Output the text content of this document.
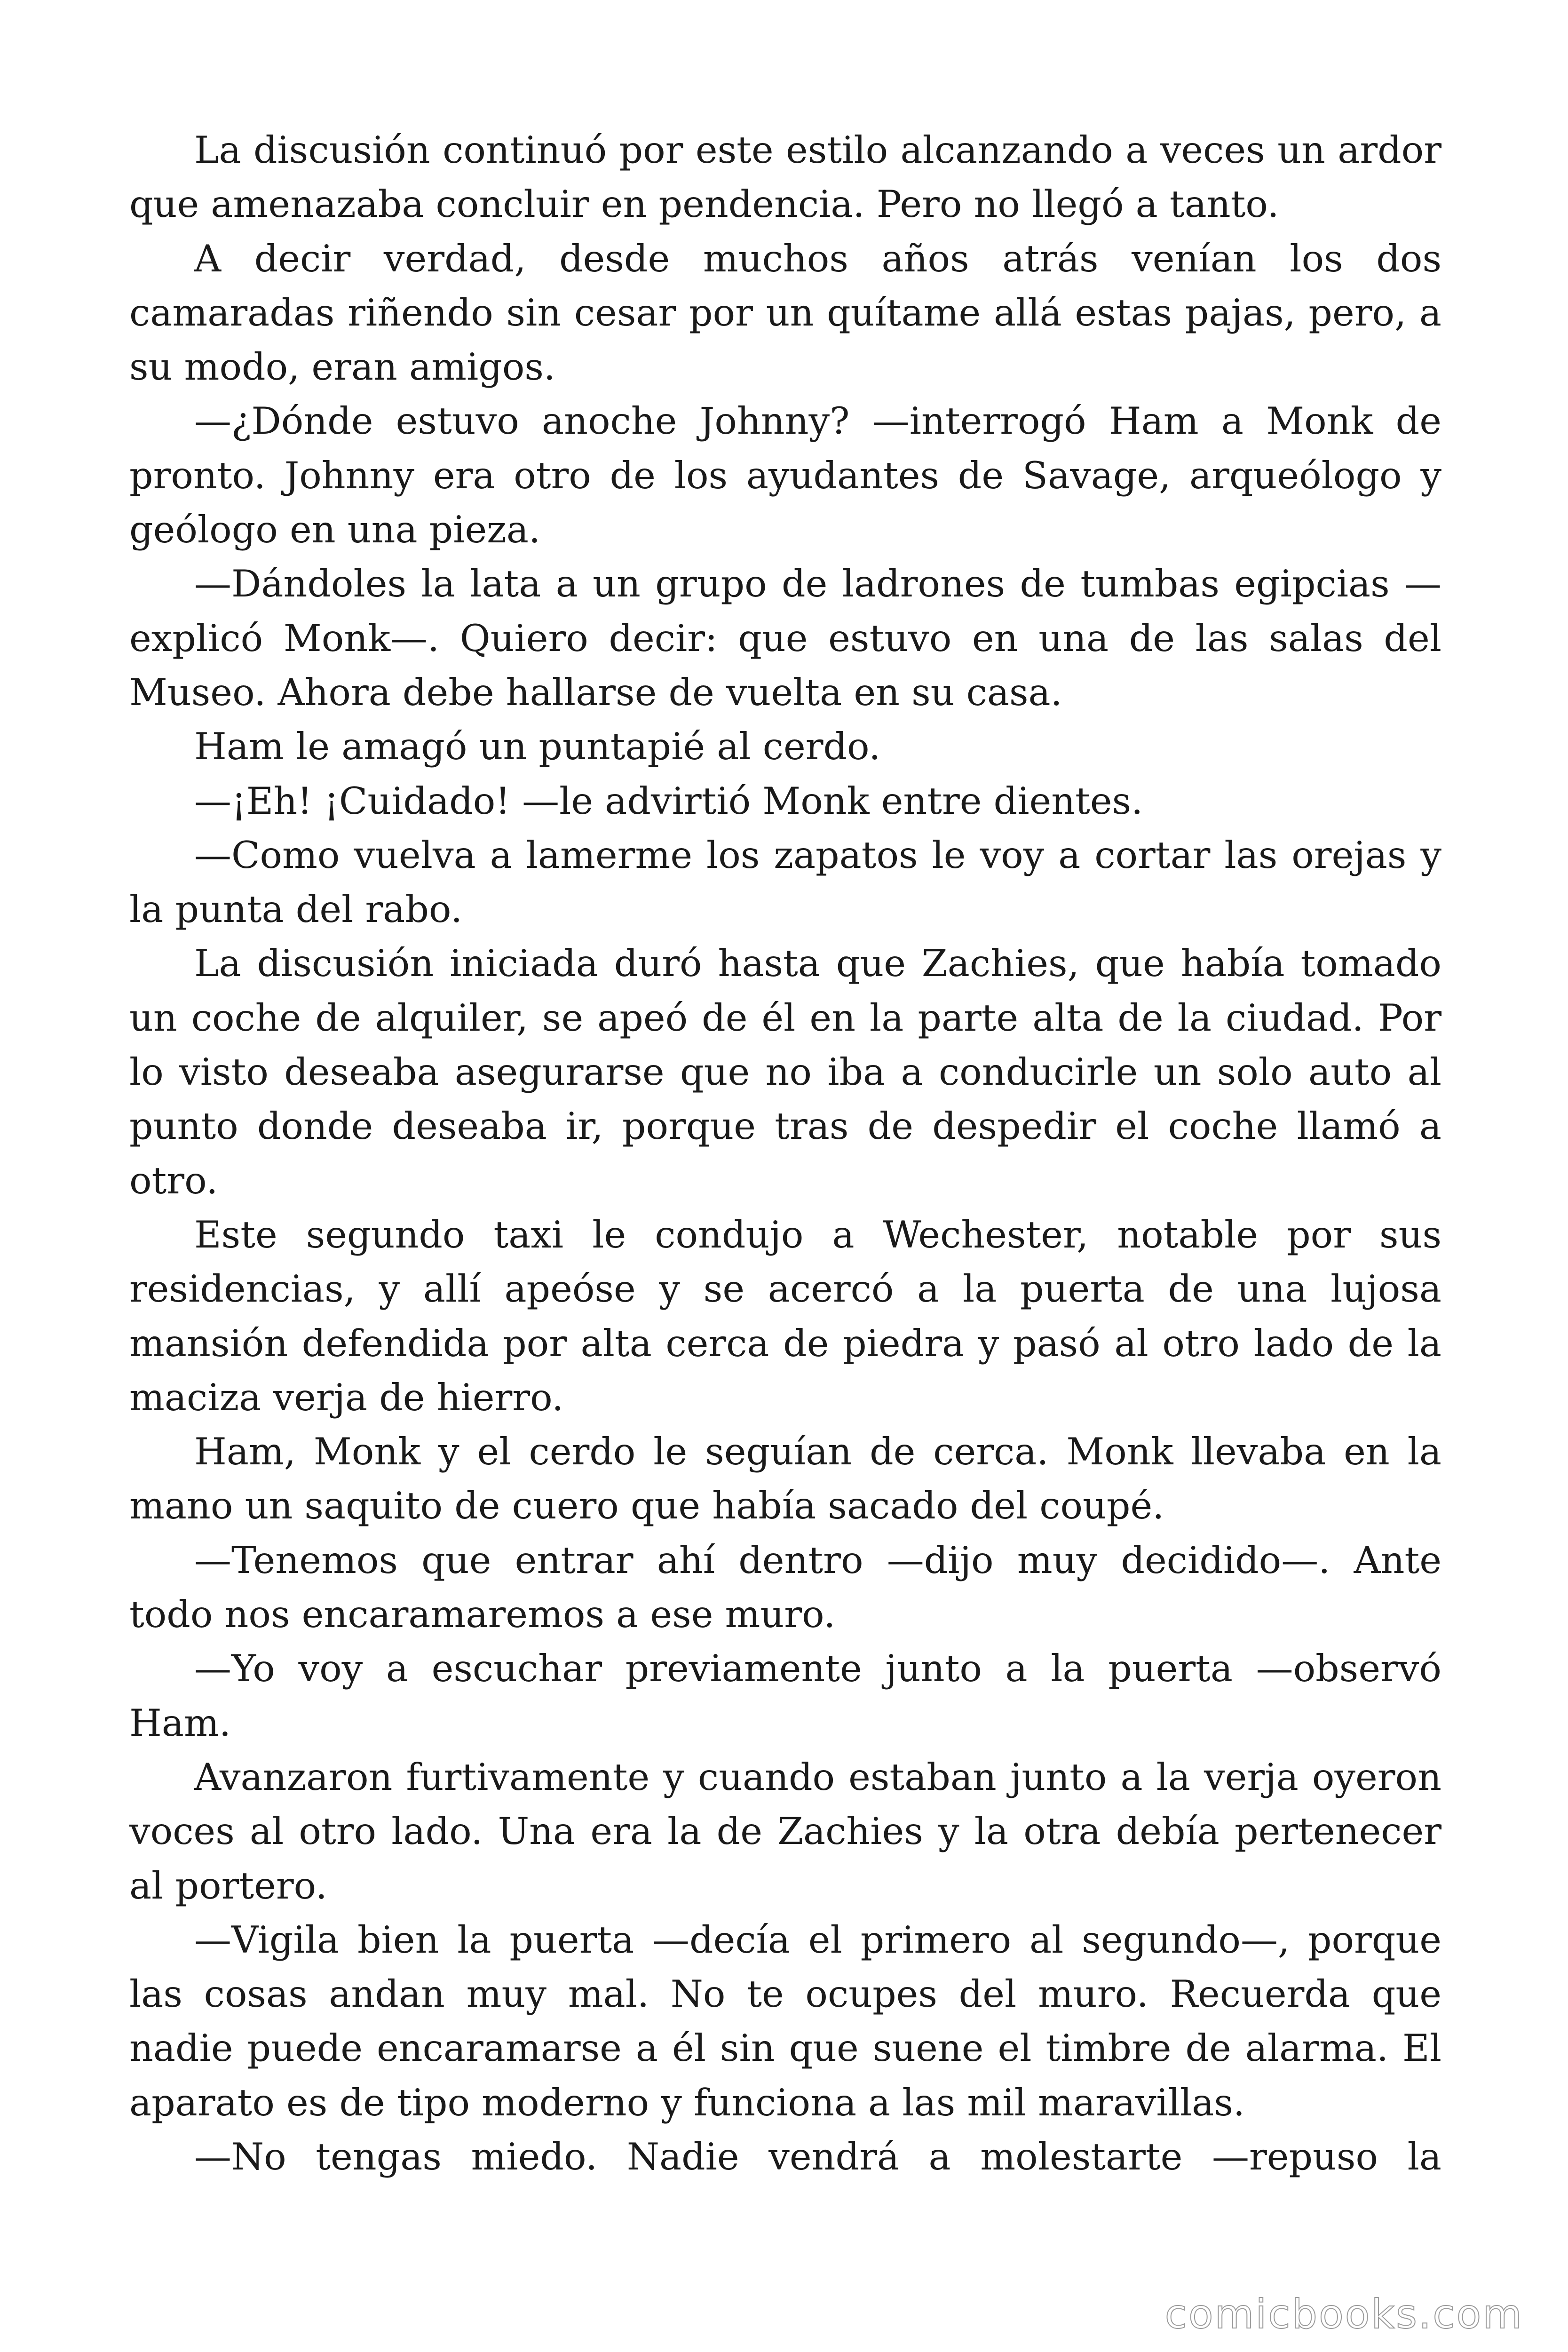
La discusión continuó por este estilo alcanzando a veces un ardor que amenazaba concluir en pendencia. Pero no llegó a tanto.

A decir verdad, desde muchos años atrás venían los dos camaradas riñendo sin cesar por un quítame allá estas pajas, pero, a su modo, eran amigos.

—¿Dónde estuvo anoche Johnny? —interrogó Ham a Monk de pronto. Johnny era otro de los ayudantes de Savage, arqueólogo y geólogo en una pieza.

—Dándoles la lata a un grupo de ladrones de tumbas egipcias — explicó Monk—. Quiero decir: que estuvo en una de las salas del Museo. Ahora debe hallarse de vuelta en su casa.

Ham le amagó un puntapié al cerdo.

—¡Eh! ¡Cuidado! —le advirtió Monk entre dientes.

—Como vuelva a lamerme los zapatos le voy a cortar las orejas y la punta del rabo.

La discusión iniciada duró hasta que Zachies, que había tomado un coche de alquiler, se apeó de él en la parte alta de la ciudad. Por lo visto deseaba asegurarse que no iba a conducirle un solo auto al punto donde deseaba ir, porque tras de despedir el coche llamó a otro.

Este segundo taxi le condujo a Wechester, notable por sus residencias, y allí apeóse y se acercó a la puerta de una lujosa mansión defendida por alta cerca de piedra y pasó al otro lado de la maciza verja de hierro.

Ham, Monk y el cerdo le seguían de cerca. Monk llevaba en la mano un saquito de cuero que había sacado del coupé.

—Tenemos que entrar ahí dentro —dijo muy decidido—. Ante todo nos encaramaremos a ese muro.

—Yo voy a escuchar previamente junto a la puerta —observó Ham.

Avanzaron furtivamente y cuando estaban junto a la verja oyeron voces al otro lado. Una era la de Zachies y la otra debía pertenecer al portero.

—Vigila bien la puerta —decía el primero al segundo—, porque las cosas andan muy mal. No te ocupes del muro. Recuerda que nadie puede encaramarse a él sin que suene el timbre de alarma. El aparato es de tipo moderno y funciona a las mil maravillas.

—No tengas miedo. Nadie vendrá a molestarte —repuso la

comicbooks.com
